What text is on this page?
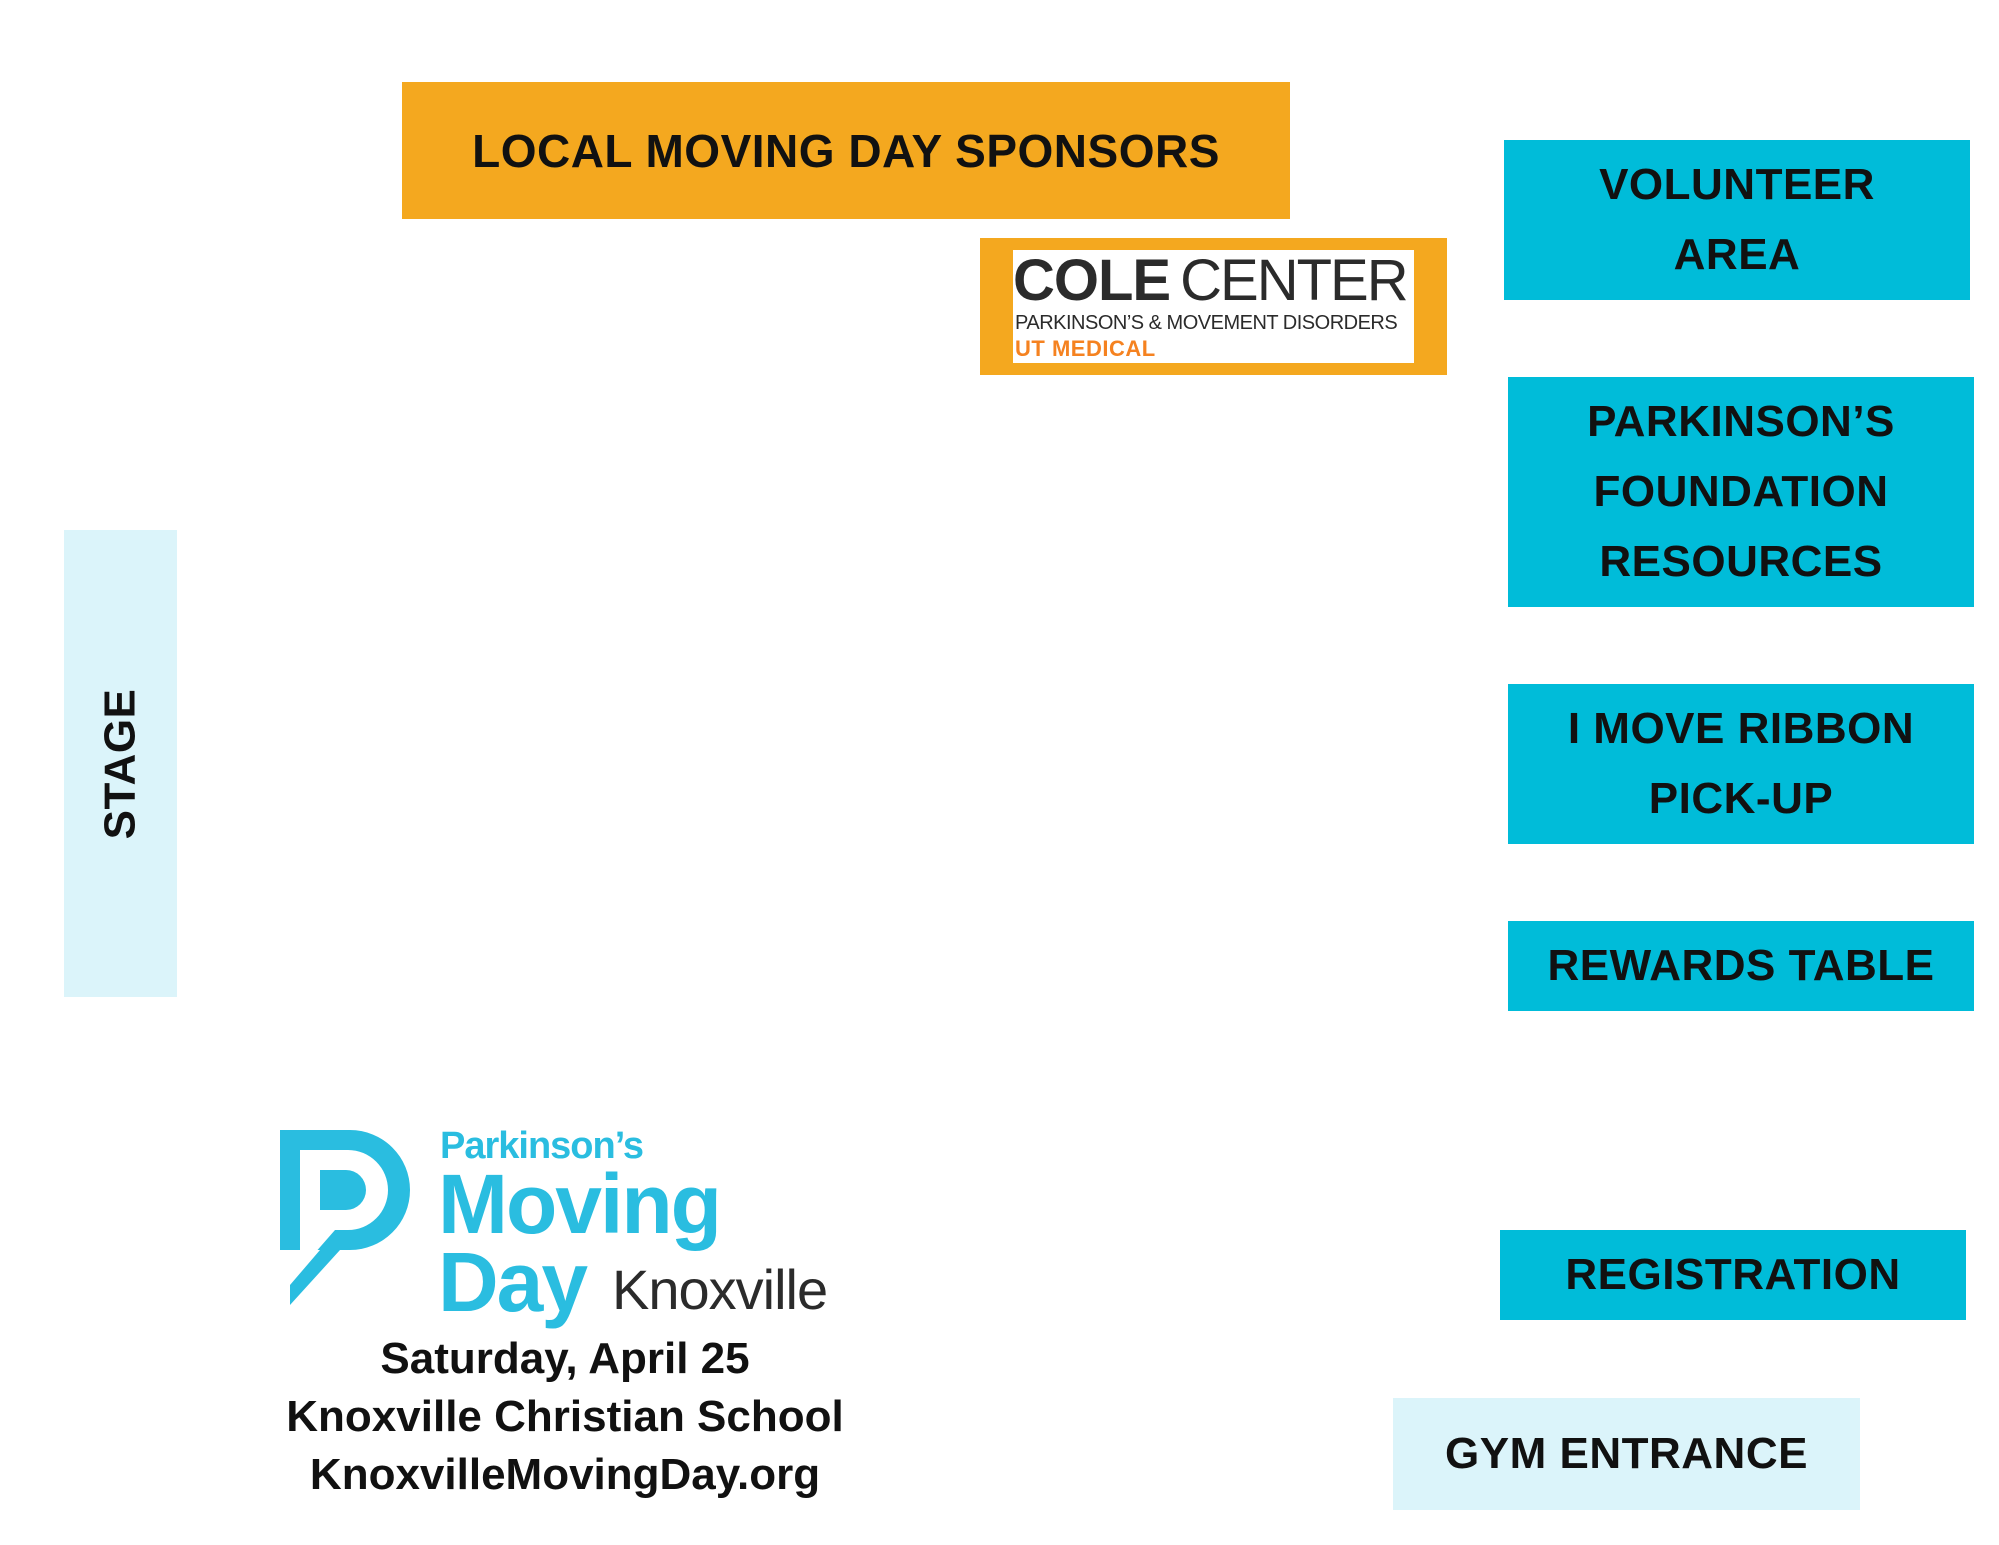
LOCAL MOVING DAY SPONSORS
COLE CENTER
PARKINSON’S & MOVEMENT DISORDERS
UT MEDICAL
VOLUNTEER
AREA
PARKINSON’S
FOUNDATION
RESOURCES
I MOVE RIBBON
PICK-UP
REWARDS TABLE
REGISTRATION
GYM ENTRANCE
STAGE
Parkinson’s
Moving
Day Knoxville
Saturday, April 25
Knoxville Christian School
KnoxvilleMovingDay.org
